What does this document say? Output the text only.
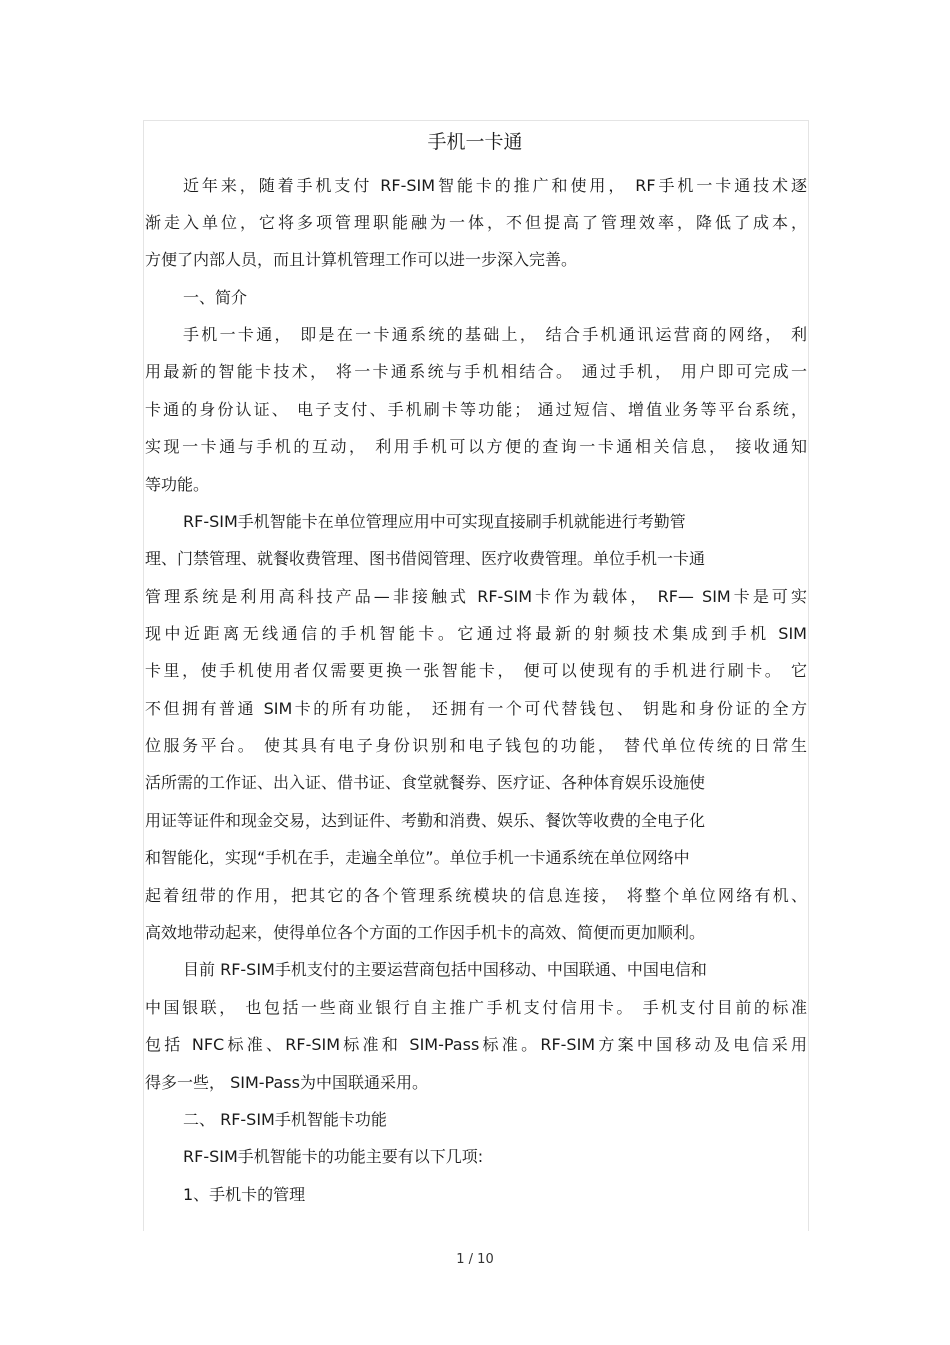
手机一卡通

近年来，随着手机支付 RF-SIM智能卡的推广和使用， RF手机一卡通技术逐

渐走入单位，它将多项管理职能融为一体，不但提高了管理效率，降低了成本，

方便了内部人员，而且计算机管理工作可以进一步深入完善。

一、简介

手机一卡通， 即是在一卡通系统的基础上， 结合手机通讯运营商的网络， 利

用最新的智能卡技术， 将一卡通系统与手机相结合。 通过手机， 用户即可完成一

卡通的身份认证、 电子支付、手机刷卡等功能； 通过短信、增值业务等平台系统，

实现一卡通与手机的互动， 利用手机可以方便的查询一卡通相关信息， 接收通知

等功能。

RF-SIM手机智能卡在单位管理应用中可实现直接刷手机就能进行考勤管

理、门禁管理、就餐收费管理、图书借阅管理、医疗收费管理。单位手机一卡通

管理系统是利用高科技产品—非接触式 RF-SIM卡作为载体， RF— SIM卡是可实

现中近距离无线通信的手机智能卡。它通过将最新的射频技术集成到手机 SIM

卡里，使手机使用者仅需要更换一张智能卡， 便可以使现有的手机进行刷卡。 它

不但拥有普通 SIM卡的所有功能， 还拥有一个可代替钱包、 钥匙和身份证的全方

位服务平台。 使其具有电子身份识别和电子钱包的功能， 替代单位传统的日常生

活所需的工作证、出入证、借书证、食堂就餐券、医疗证、各种体育娱乐设施使

用证等证件和现金交易，达到证件、考勤和消费、娱乐、餐饮等收费的全电子化

和智能化，实现“手机在手，走遍全单位”。单位手机一卡通系统在单位网络中

起着纽带的作用，把其它的各个管理系统模块的信息连接， 将整个单位网络有机、

高效地带动起来，使得单位各个方面的工作因手机卡的高效、简便而更加顺利。

目前 RF-SIM手机支付的主要运营商包括中国移动、中国联通、中国电信和

中国银联， 也包括一些商业银行自主推广手机支付信用卡。 手机支付目前的标准

包括 NFC标准、RF-SIM标准和 SIM-Pass标准。RF-SIM方案中国移动及电信采用

得多一些， SIM-Pass为中国联通采用。

二、 RF-SIM手机智能卡功能

RF-SIM手机智能卡的功能主要有以下几项:

1、手机卡的管理

1 / 10
